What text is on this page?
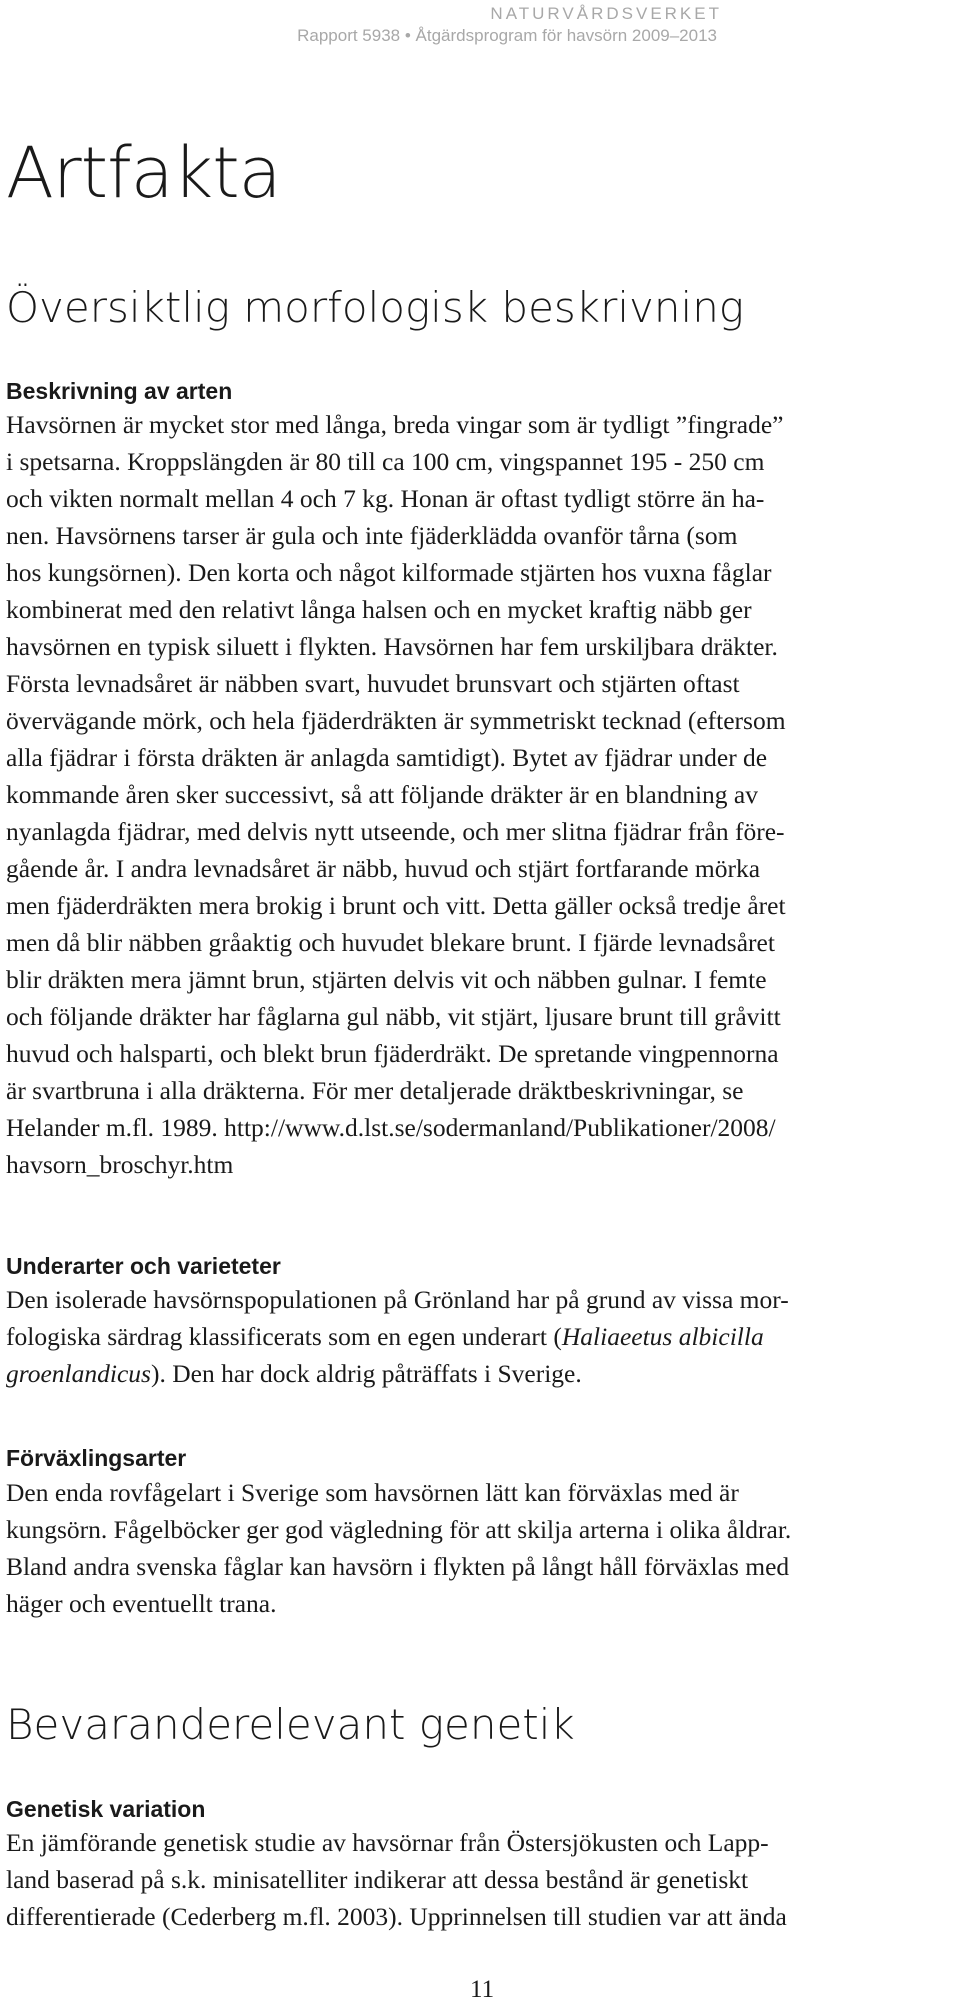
NATURVÅRDSVERKET
Rapport 5938 • Åtgärdsprogram för havsörn 2009–2013
Artfakta
Översiktlig morfologisk beskrivning
Beskrivning av arten
Havsörnen är mycket stor med långa, breda vingar som är tydligt ”fingrade”
i spetsarna. Kroppslängden är 80 till ca 100 cm, vingspannet 195 - 250 cm
och vikten normalt mellan 4 och 7 kg. Honan är oftast tydligt större än ha-
nen. Havsörnens tarser är gula och inte fjäderklädda ovanför tårna (som
hos kungsörnen). Den korta och något kilformade stjärten hos vuxna fåglar
kombinerat med den relativt långa halsen och en mycket kraftig näbb ger
havsörnen en typisk siluett i flykten. Havsörnen har fem urskiljbara dräkter.
Första levnadsåret är näbben svart, huvudet brunsvart och stjärten oftast
övervägande mörk, och hela fjäderdräkten är symmetriskt tecknad (eftersom
alla fjädrar i första dräkten är anlagda samtidigt). Bytet av fjädrar under de
kommande åren sker successivt, så att följande dräkter är en blandning av
nyanlagda fjädrar, med delvis nytt utseende, och mer slitna fjädrar från före-
gående år. I andra levnadsåret är näbb, huvud och stjärt fortfarande mörka
men fjäderdräkten mera brokig i brunt och vitt. Detta gäller också tredje året
men då blir näbben gråaktig och huvudet blekare brunt. I fjärde levnadsåret
blir dräkten mera jämnt brun, stjärten delvis vit och näbben gulnar. I femte
och följande dräkter har fåglarna gul näbb, vit stjärt, ljusare brunt till gråvitt
huvud och halsparti, och blekt brun fjäderdräkt. De spretande vingpennorna
är svartbruna i alla dräkterna. För mer detaljerade dräktbeskrivningar, se
Helander m.fl. 1989. http://www.d.lst.se/sodermanland/Publikationer/2008/
havsorn_broschyr.htm
Underarter och varieteter
Den isolerade havsörnspopulationen på Grönland har på grund av vissa mor-
fologiska särdrag klassificerats som en egen underart (Haliaeetus albicilla
groenlandicus). Den har dock aldrig påträffats i Sverige.
Förväxlingsarter
Den enda rovfågelart i Sverige som havsörnen lätt kan förväxlas med är
kungsörn. Fågelböcker ger god vägledning för att skilja arterna i olika åldrar.
Bland andra svenska fåglar kan havsörn i flykten på långt håll förväxlas med
häger och eventuellt trana.
Bevaranderelevant genetik
Genetisk variation
En jämförande genetisk studie av havsörnar från Östersjökusten och Lapp-
land baserad på s.k. minisatelliter indikerar att dessa bestånd är genetiskt
differentierade (Cederberg m.fl. 2003). Upprinnelsen till studien var att ända
11
